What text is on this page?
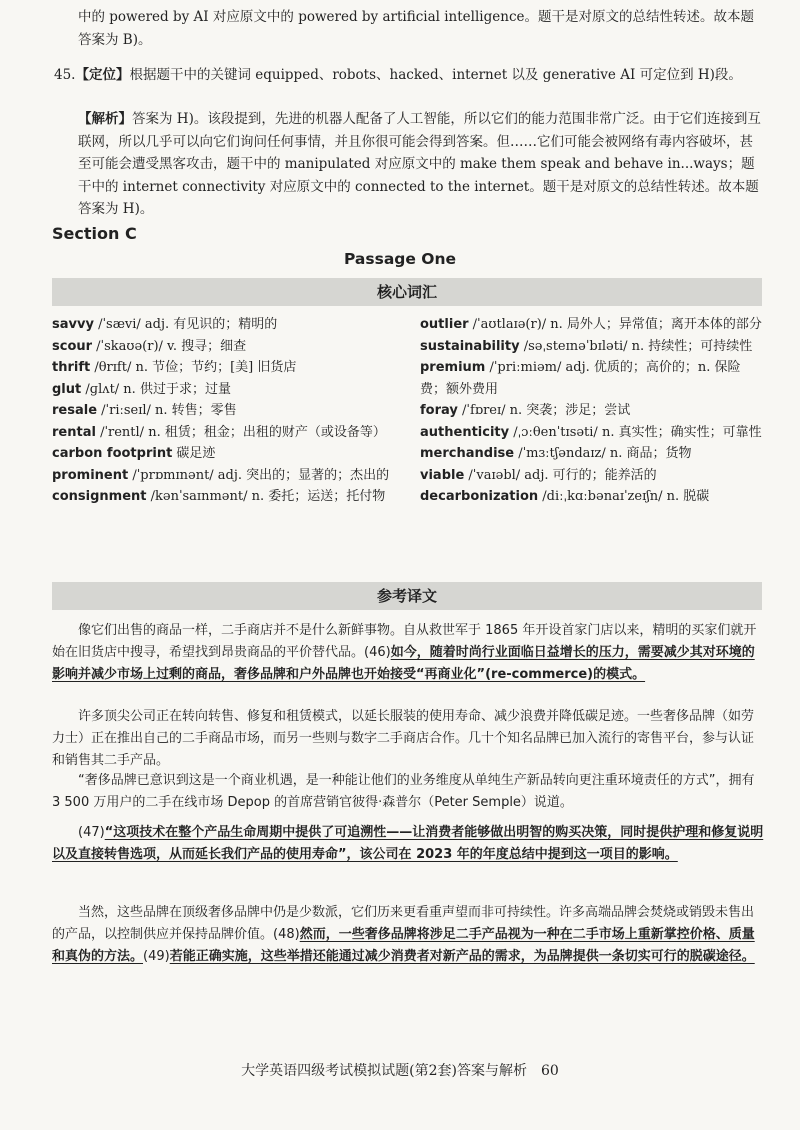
中的 powered by AI 对应原文中的 powered by artificial intelligence。题干是对原文的总结性转述。故本题答案为 B)。
45.【定位】根据题干中的关键词 equipped、robots、hacked、internet 以及 generative AI 可定位到 H)段。
【解析】答案为 H)。该段提到，先进的机器人配备了人工智能，所以它们的能力范围非常广泛。由于它们连接到互联网，所以几乎可以向它们询问任何事情，并且你很可能会得到答案。但……它们可能会被网络有毒内容破坏，甚至可能会遭受黑客攻击，题干中的 manipulated 对应原文中的 make them speak and behave in...ways；题干中的 internet connectivity 对应原文中的 connected to the internet。题干是对原文的总结性转述。故本题答案为 H)。
Section C
Passage One
核心词汇

savvy /ˈsævi/ adj. 有见识的；精明的

scour /ˈskaʊə(r)/ v. 搜寻；细查

thrift /θrɪft/ n. 节俭；节约；[美] 旧货店

glut /ɡlʌt/ n. 供过于求；过量

resale /ˈriːseɪl/ n. 转售；零售

rental /ˈrentl/ n. 租赁；租金；出租的财产（或设备等）

carbon footprint 碳足迹

prominent /ˈprɒmɪnənt/ adj. 突出的；显著的；杰出的

consignment /kənˈsaɪnmənt/ n. 委托；运送；托付物

outlier /ˈaʊtlaɪə(r)/ n. 局外人；异常值；离开本体的部分

sustainability /səˌsteɪnəˈbɪləti/ n. 持续性；可持续性

premium /ˈpriːmiəm/ adj. 优质的；高价的；n. 保险费；额外费用

foray /ˈfɒreɪ/ n. 突袭；涉足；尝试

authenticity /ˌɔːθenˈtɪsəti/ n. 真实性；确实性；可靠性

merchandise /ˈmɜːtʃəndaɪz/ n. 商品；货物

viable /ˈvaɪəbl/ adj. 可行的；能养活的

decarbonization /diːˌkɑːbənaɪˈzeɪʃn/ n. 脱碳

参考译文
像它们出售的商品一样，二手商店并不是什么新鲜事物。自从救世军于 1865 年开设首家门店以来，精明的买家们就开始在旧货店中搜寻，希望找到昂贵商品的平价替代品。(46)如今，随着时尚行业面临日益增长的压力，需要减少其对环境的影响并减少市场上过剩的商品，奢侈品牌和户外品牌也开始接受“再商业化”(re-commerce)的模式。
许多顶尖公司正在转向转售、修复和租赁模式，以延长服装的使用寿命、减少浪费并降低碳足迹。一些奢侈品牌（如劳力士）正在推出自己的二手商品市场，而另一些则与数字二手商店合作。几十个知名品牌已加入流行的寄售平台，参与认证和销售其二手产品。
“奢侈品牌已意识到这是一个商业机遇，是一种能让他们的业务维度从单纯生产新品转向更注重环境责任的方式”，拥有 3 500 万用户的二手在线市场 Depop 的首席营销官彼得·森普尔（Peter Semple）说道。
(47)“这项技术在整个产品生命周期中提供了可追溯性——让消费者能够做出明智的购买决策，同时提供护理和修复说明以及直接转售选项，从而延长我们产品的使用寿命”，该公司在 2023 年的年度总结中提到这一项目的影响。
当然，这些品牌在顶级奢侈品牌中仍是少数派，它们历来更看重声望而非可持续性。许多高端品牌会焚烧或销毁未售出的产品，以控制供应并保持品牌价值。(48)然而，一些奢侈品牌将涉足二手产品视为一种在二手市场上重新掌控价格、质量和真伪的方法。(49)若能正确实施，这些举措还能通过减少消费者对新产品的需求，为品牌提供一条切实可行的脱碳途径。
大学英语四级考试模拟试题(第2套)答案与解析　60
